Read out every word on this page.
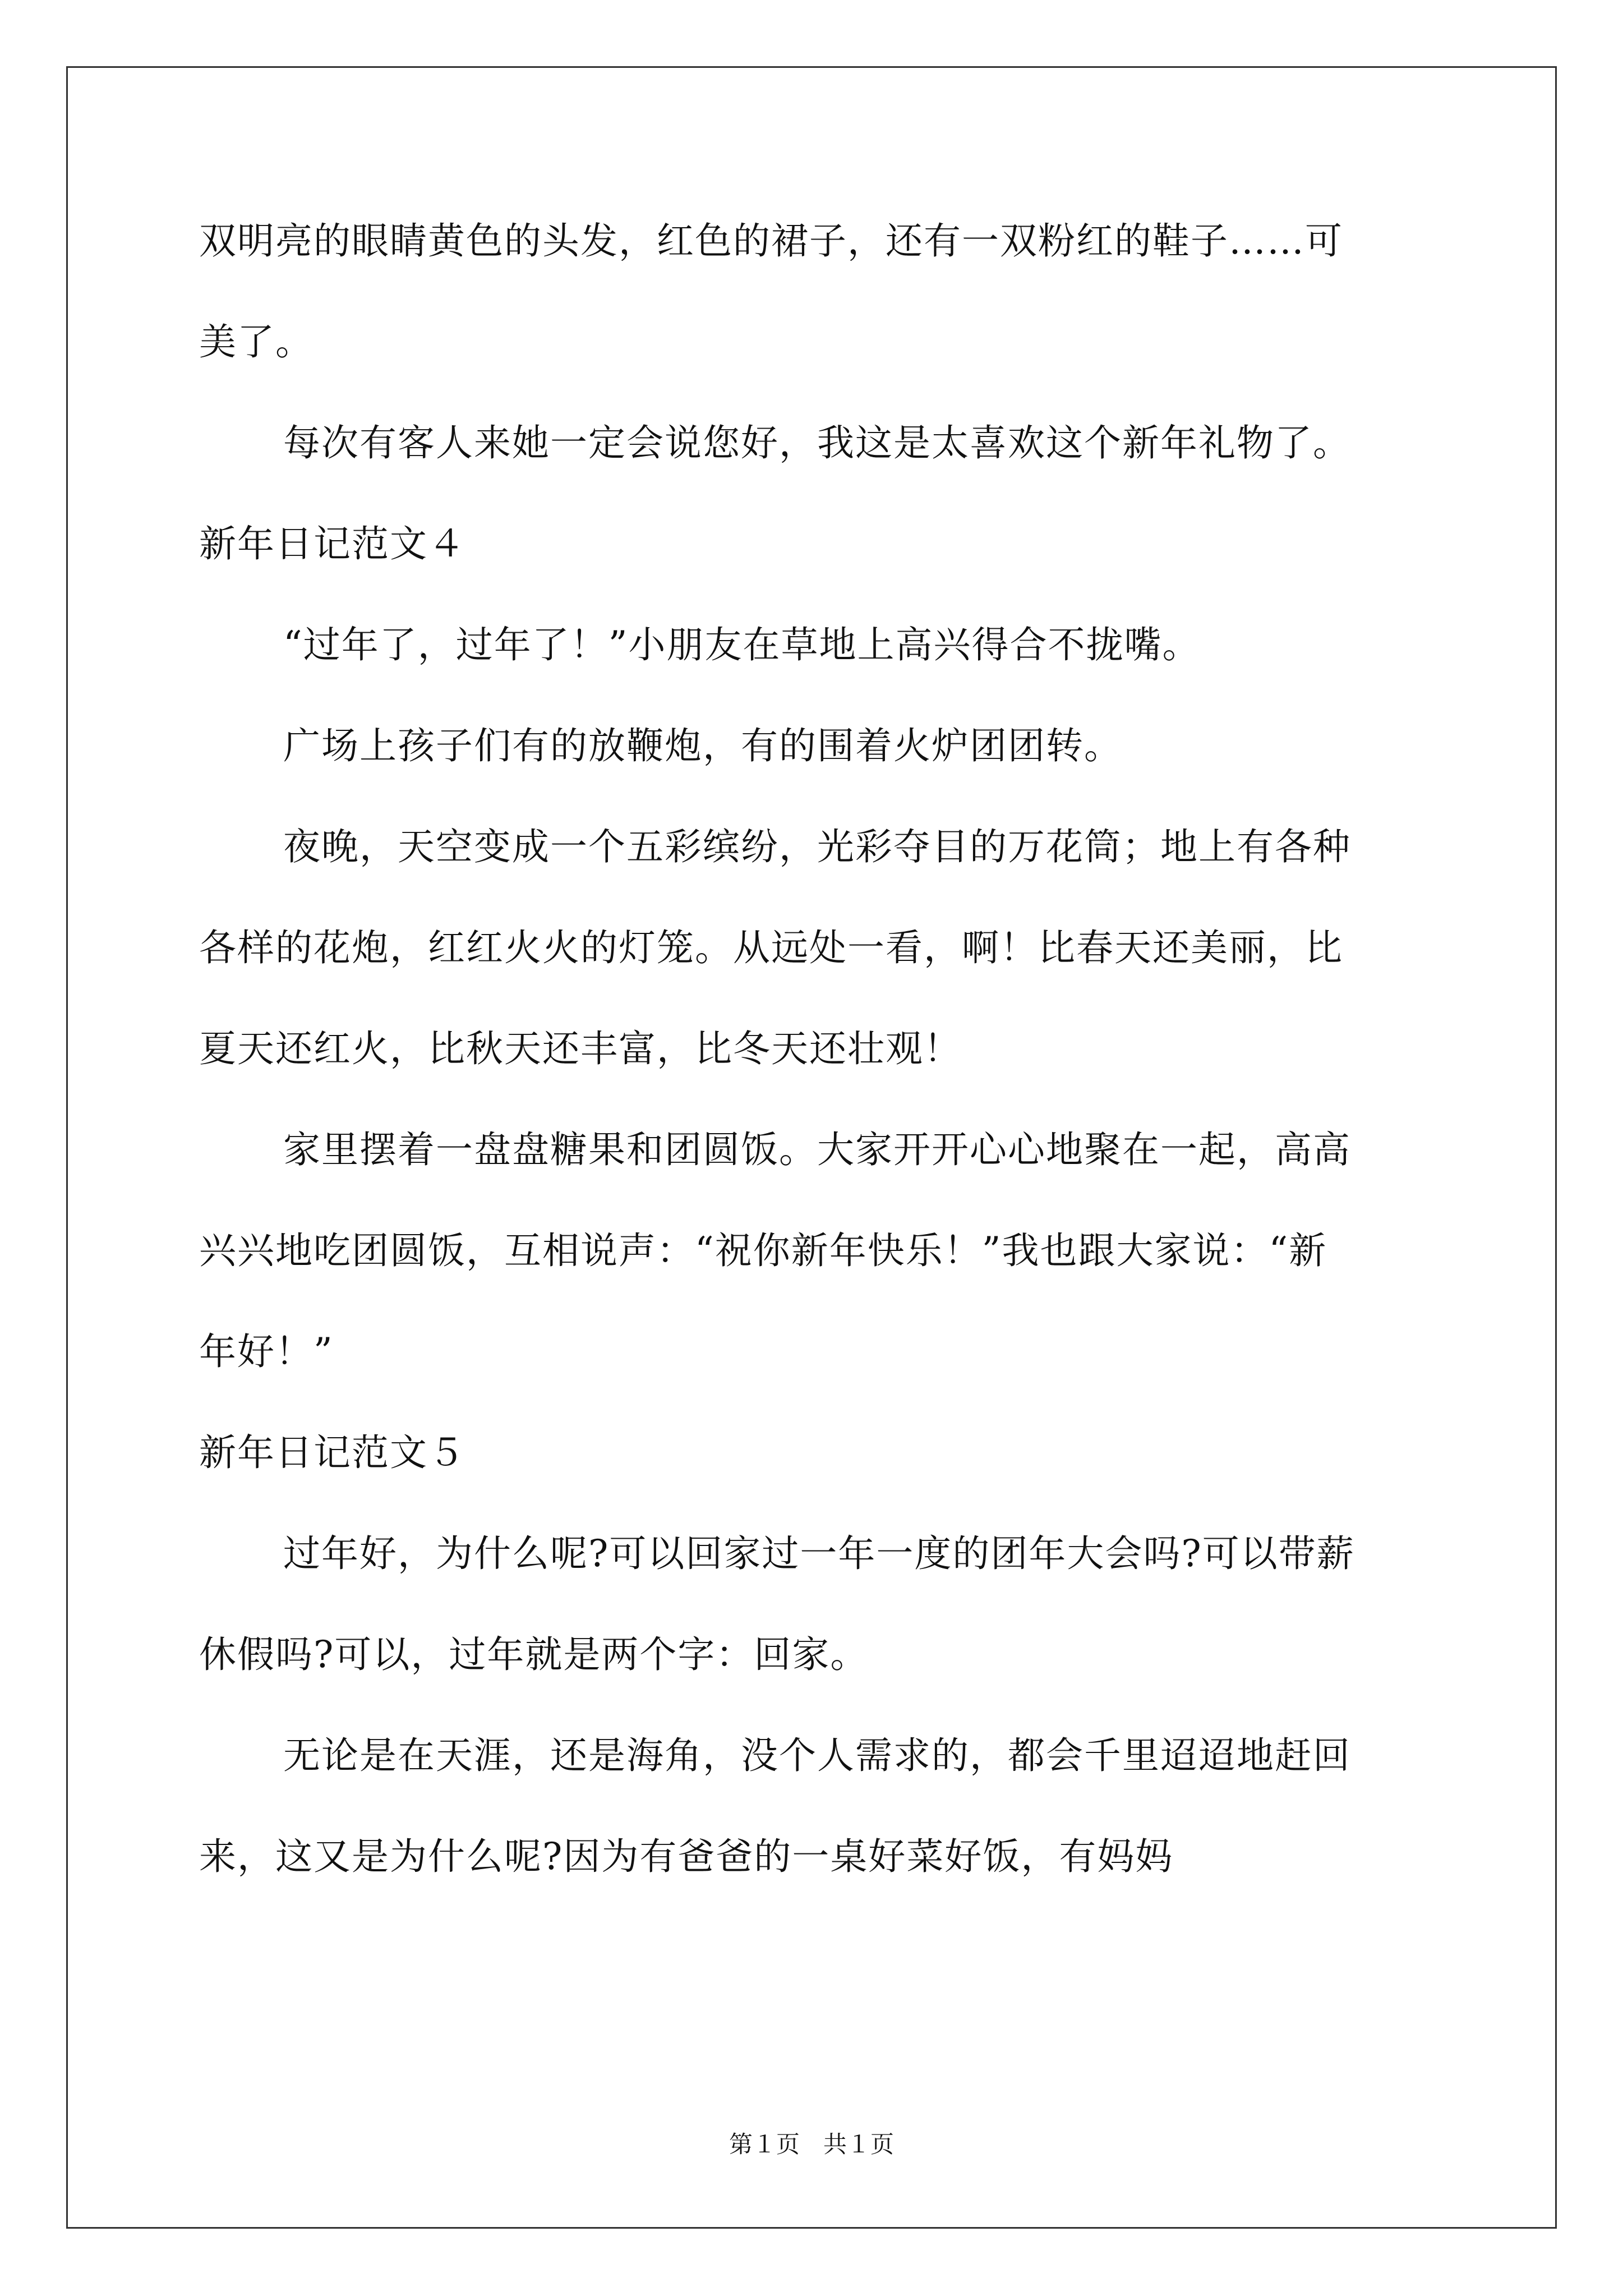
双明亮的眼睛黄色的头发，红色的裙子，还有一双粉红的鞋子……可
美了。
每次有客人来她一定会说您好，我这是太喜欢这个新年礼物了。
新年日记范文４
“过年了，过年了！”小朋友在草地上高兴得合不拢嘴。
广场上孩子们有的放鞭炮，有的围着火炉团团转。
夜晚，天空变成一个五彩缤纷，光彩夺目的万花筒；地上有各种
各样的花炮，红红火火的灯笼。从远处一看，啊！比春天还美丽，比
夏天还红火，比秋天还丰富，比冬天还壮观！
家里摆着一盘盘糖果和团圆饭。大家开开心心地聚在一起，高高
兴兴地吃团圆饭，互相说声：“祝你新年快乐！”我也跟大家说：“新
年好！”
新年日记范文５
过年好，为什么呢?可以回家过一年一度的团年大会吗?可以带薪
休假吗?可以，过年就是两个字：回家。
无论是在天涯，还是海角，没个人需求的，都会千里迢迢地赶回
来，这又是为什么呢?因为有爸爸的一桌好菜好饭，有妈妈
第１页　共１页
